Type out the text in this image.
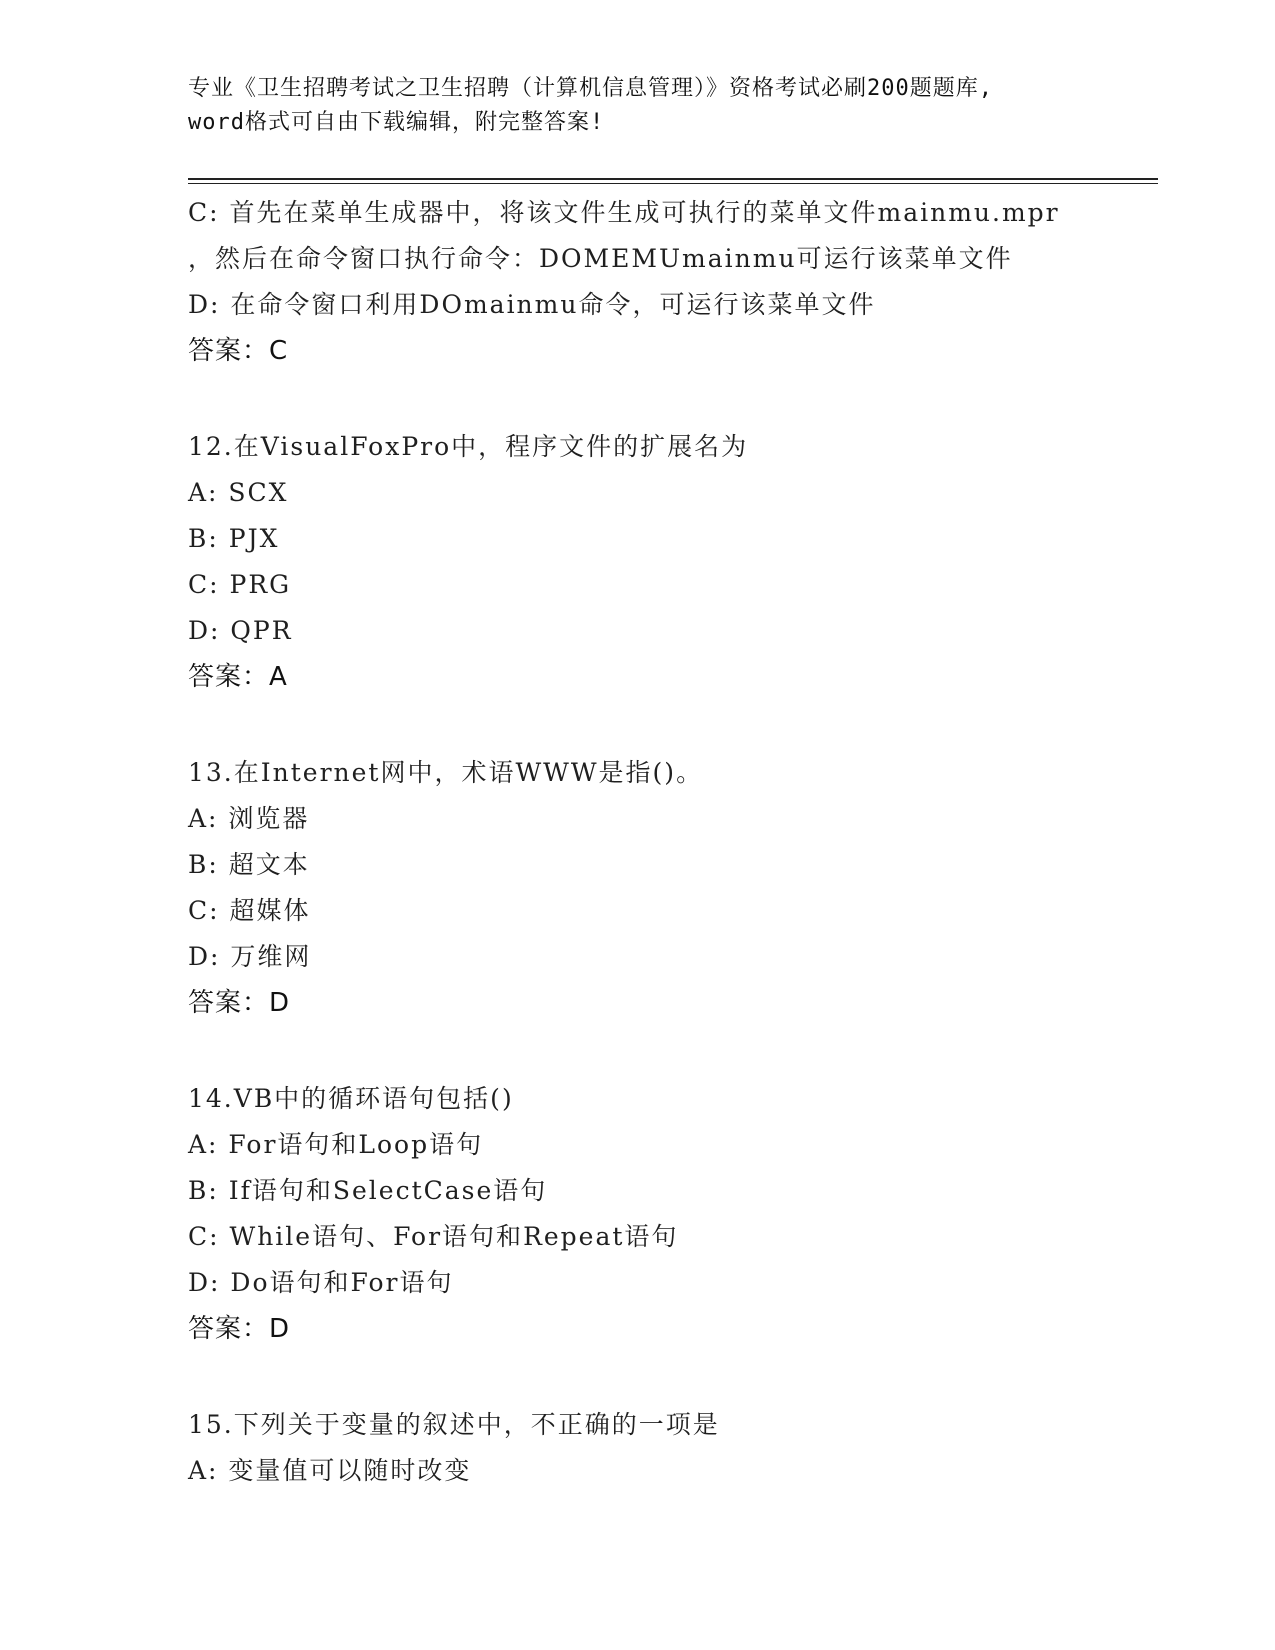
专业《卫生招聘考试之卫生招聘（计算机信息管理）》资格考试必刷200题题库,
word格式可自由下载编辑，附完整答案!
C: 首先在菜单生成器中，将该文件生成可执行的菜单文件mainmu.mpr
，然后在命令窗口执行命令：DOMEMUmainmu可运行该菜单文件
D: 在命令窗口利用DOmainmu命令，可运行该菜单文件
答案：C
12.在VisualFoxPro中，程序文件的扩展名为
A: SCX
B: PJX
C: PRG
D: QPR
答案：A
13.在Internet网中，术语WWW是指()。
A: 浏览器
B: 超文本
C: 超媒体
D: 万维网
答案：D
14.VB中的循环语句包括()
A: For语句和Loop语句
B: If语句和SelectCase语句
C: While语句、For语句和Repeat语句
D: Do语句和For语句
答案：D
15.下列关于变量的叙述中，不正确的一项是
A: 变量值可以随时改变
